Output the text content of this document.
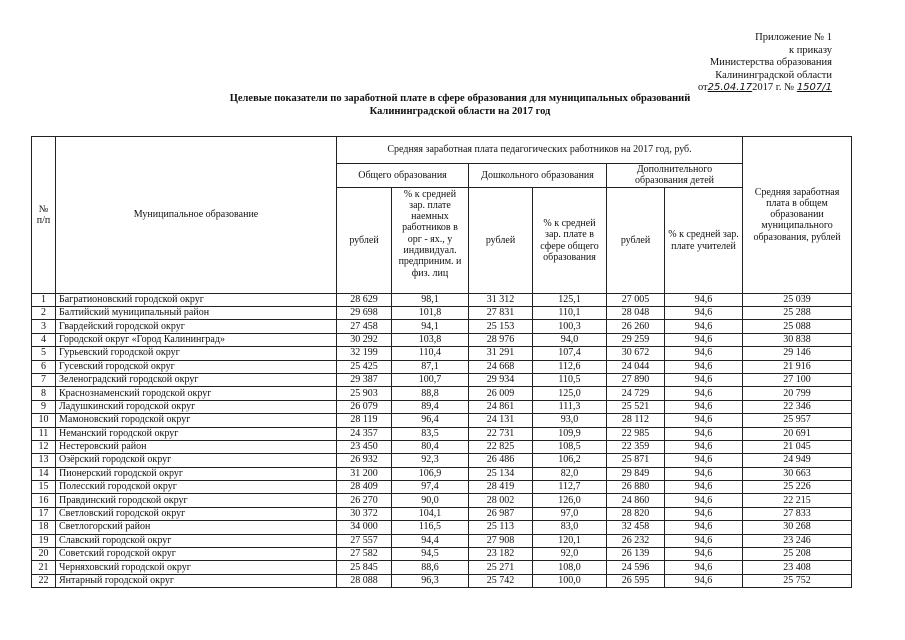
Приложение № 1
к приказу
Министерства образования
Калининградской области
от25.04.172017 г. № 1507/1
Целевые показатели по заработной плате в сфере образования для муниципальных образований
Калининградской области на 2017 год
№ п/п	Муниципальное образование	Средняя заработная плата педагогических работников на 2017 год, руб.						Средняя заработная плата в общем образовании муниципального образования, рублей
		Общего образования		Дошкольного образования		Дополнительного образования детей		
		рублей	% к средней зар. плате наемных работников в орг - ях., у индивидуал. предприним. и физ. лиц	рублей	% к средней зар. плате в сфере общего образования	рублей	% к средней зар. плате учителей	
1	Багратионовский городской округ	28 629	98,1	31 312	125,1	27 005	94,6	25 039
2	Балтийский муниципальный район	29 698	101,8	27 831	110,1	28 048	94,6	25 288
3	Гвардейский городской округ	27 458	94,1	25 153	100,3	26 260	94,6	25 088
4	Городской округ «Город Калининград»	30 292	103,8	28 976	94,0	29 259	94,6	30 838
5	Гурьевский городской округ	32 199	110,4	31 291	107,4	30 672	94,6	29 146
6	Гусевский городской округ	25 425	87,1	24 668	112,6	24 044	94,6	21 916
7	Зеленоградский городской округ	29 387	100,7	29 934	110,5	27 890	94,6	27 100
8	Краснознаменский городской округ	25 903	88,8	26 009	125,0	24 729	94,6	20 799
9	Ладушкинский городской округ	26 079	89,4	24 861	111,3	25 521	94,6	22 346
10	Мамоновский городской округ	28 119	96,4	24 131	93,0	28 112	94,6	25 957
11	Неманский городской округ	24 357	83,5	22 731	109,9	22 985	94,6	20 691
12	Нестеровский район	23 450	80,4	22 825	108,5	22 359	94,6	21 045
13	Озёрский городской округ	26 932	92,3	26 486	106,2	25 871	94,6	24 949
14	Пионерский городской округ	31 200	106,9	25 134	82,0	29 849	94,6	30 663
15	Полесский городской округ	28 409	97,4	28 419	112,7	26 880	94,6	25 226
16	Правдинский городской округ	26 270	90,0	28 002	126,0	24 860	94,6	22 215
17	Светловский городской округ	30 372	104,1	26 987	97,0	28 820	94,6	27 833
18	Светлогорский район	34 000	116,5	25 113	83,0	32 458	94,6	30 268
19	Славский городской округ	27 557	94,4	27 908	120,1	26 232	94,6	23 246
20	Советский городской округ	27 582	94,5	23 182	92,0	26 139	94,6	25 208
21	Черняховский городской округ	25 845	88,6	25 271	108,0	24 596	94,6	23 408
22	Янтарный городской округ	28 088	96,3	25 742	100,0	26 595	94,6	25 752
